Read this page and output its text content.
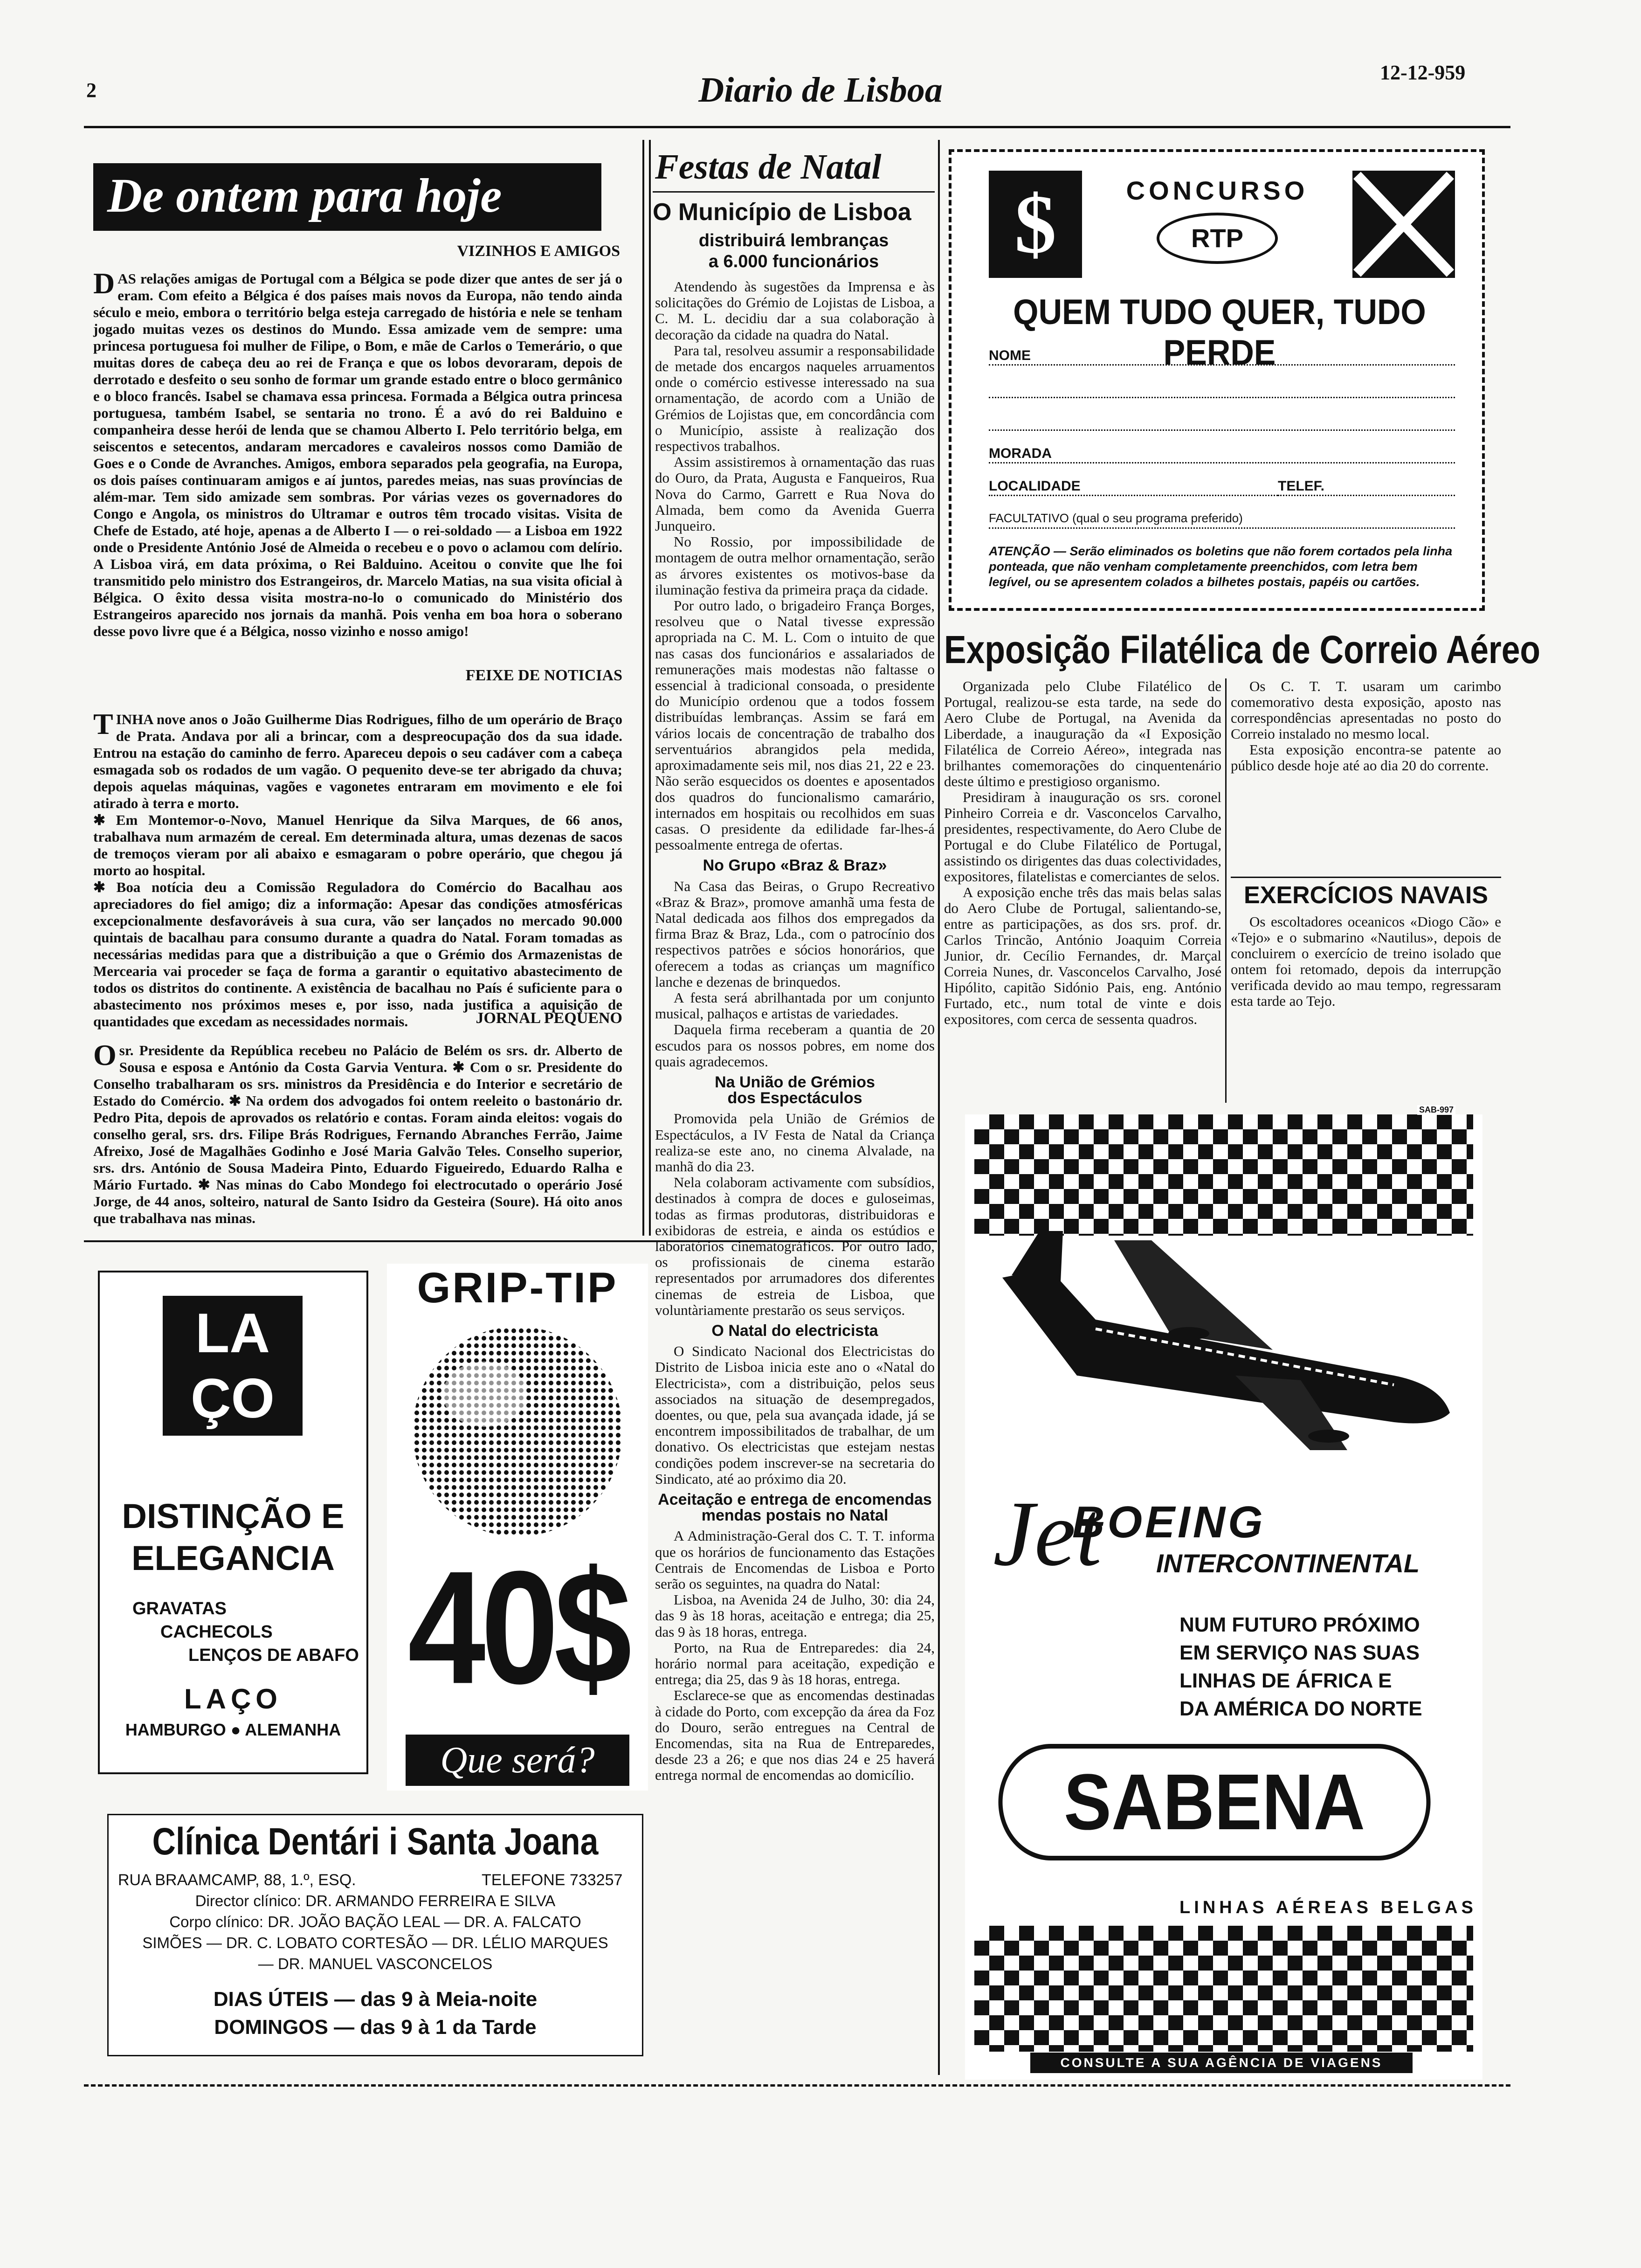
2	Diario de Lisboa	12-12-959
De ontem para hoje
VIZINHOS E AMIGOS
DAS relações amigas de Portugal com a Bélgica se pode dizer que antes de ser já o eram. Com efeito a Bélgica é dos países mais novos da Europa, não tendo ainda século e meio, embora o território belga esteja carregado de história e nele se tenham jogado muitas vezes os destinos do Mundo. Essa amizade vem de sempre: uma princesa portuguesa foi mulher de Filipe, o Bom, e mãe de Carlos o Temerário, o que muitas dores de cabeça deu ao rei de França e que os lobos devoraram, depois de derrotado e desfeito o seu sonho de formar um grande estado entre o bloco germânico e o bloco francês. Isabel se chamava essa princesa. Formada a Bélgica outra princesa portuguesa, também Isabel, se sentaria no trono. É a avó do rei Balduino e companheira desse herói de lenda que se chamou Alberto I. Pelo território belga, em seiscentos e setecentos, andaram mercadores e cavaleiros nossos como Damião de Goes e o Conde de Avranches. Amigos, embora separados pela geografia, na Europa, os dois países continuaram amigos e aí juntos, paredes meias, nas suas províncias de além-mar. Tem sido amizade sem sombras. Por várias vezes os governadores do Congo e Angola, os ministros do Ultramar e outros têm trocado visitas. Visita de Chefe de Estado, até hoje, apenas a de Alberto I — o rei-soldado — a Lisboa em 1922 onde o Presidente António José de Almeida o recebeu e o povo o aclamou com delírio. A Lisboa virá, em data próxima, o Rei Balduino. Aceitou o convite que lhe foi transmitido pelo ministro dos Estrangeiros, dr. Marcelo Matias, na sua visita oficial à Bélgica. O êxito dessa visita mostra-no-lo o comunicado do Ministério dos Estrangeiros aparecido nos jornais da manhã. Pois venha em boa hora o soberano desse povo livre que é a Bélgica, nosso vizinho e nosso amigo!
FEIXE DE NOTICIAS

TINHA nove anos o João Guilherme Dias Rodrigues, filho de um operário de Braço de Prata. Andava por ali a brincar, com a despreocupação dos da sua idade. Entrou na estação do caminho de ferro. Apareceu depois o seu cadáver com a cabeça esmagada sob os rodados de um vagão. O pequenito deve-se ter abrigado da chuva; depois aquelas máquinas, vagões e vagonetes entraram em movimento e ele foi atirado à terra e morto.

✱ Em Montemor-o-Novo, Manuel Henrique da Silva Marques, de 66 anos, trabalhava num armazém de cereal. Em determinada altura, umas dezenas de sacos de tremoços vieram por ali abaixo e esmagaram o pobre operário, que chegou já morto ao hospital.

✱ Boa notícia deu a Comissão Reguladora do Comércio do Bacalhau aos apreciadores do fiel amigo; diz a informação: Apesar das condições atmosféricas excepcionalmente desfavoráveis à sua cura, vão ser lançados no mercado 90.000 quintais de bacalhau para consumo durante a quadra do Natal. Foram tomadas as necessárias medidas para que a distribuição a que o Grémio dos Armazenistas de Mercearia vai proceder se faça de forma a garantir o equitativo abastecimento de todos os distritos do continente. A existência de bacalhau no País é suficiente para o abastecimento nos próximos meses e, por isso, nada justifica a aquisição de quantidades que excedam as necessidades normais.	JORNAL PEQUENO
Osr. Presidente da República recebeu no Palácio de Belém os srs. dr. Alberto de Sousa e esposa e António da Costa Garvia Ventura. ✱ Com o sr. Presidente do Conselho trabalharam os srs. ministros da Presidência e do Interior e secretário de Estado do Comércio. ✱ Na ordem dos advogados foi ontem reeleito o bastonário dr. Pedro Pita, depois de aprovados os relatório e contas. Foram ainda eleitos: vogais do conselho geral, srs. drs. Filipe Brás Rodrigues, Fernando Abranches Ferrão, Jaime Afreixo, José de Magalhães Godinho e José Maria Galvão Teles. Conselho superior, srs. drs. António de Sousa Madeira Pinto, Eduardo Figueiredo, Eduardo Ralha e Mário Furtado. ✱ Nas minas do Cabo Mondego foi electrocutado o operário José Jorge, de 44 anos, solteiro, natural de Santo Isidro da Gesteira (Soure). Há oito anos que trabalhava nas minas.
LA
ÇO
DISTINÇÃO E
ELEGANCIA
GRAVATAS
CACHECOLS
LENÇOS DE ABAFO
LAÇO
HAMBURGO ● ALEMANHA
GRIP-TIP
40$
Que será?
Clínica Dentári i Santa Joana
RUA BRAAMCAMP, 88, 1.º, ESQ.	TELEFONE 733257
Director clínico: DR. ARMANDO FERREIRA E SILVA
Corpo clínico: DR. JOÃO BAÇÃO LEAL — DR. A. FALCATO
SIMÕES — DR. C. LOBATO CORTESÃO — DR. LÉLIO MARQUES
— DR. MANUEL VASCONCELOS
DIAS ÚTEIS — das 9 à Meia-noite
DOMINGOS — das 9 à 1 da Tarde
Festas de Natal
O Município de Lisboa
distribuirá lembranças
a 6.000 funcionários

Atendendo às sugestões da Imprensa e às solicitações do Grémio de Lojistas de Lisboa, a C. M. L. decidiu dar a sua colaboração à decoração da cidade na quadra do Natal.

Para tal, resolveu assumir a responsabilidade de metade dos encargos naqueles arruamentos onde o comércio estivesse interessado na sua ornamentação, de acordo com a União de Grémios de Lojistas que, em concordância com o Município, assiste à realização dos respectivos trabalhos.

Assim assistiremos à ornamentação das ruas do Ouro, da Prata, Augusta e Fanqueiros, Rua Nova do Carmo, Garrett e Rua Nova do Almada, bem como da Avenida Guerra Junqueiro.

No Rossio, por impossibilidade de montagem de outra melhor ornamentação, serão as árvores existentes os motivos-base da iluminação festiva da primeira praça da cidade.

Por outro lado, o brigadeiro França Borges, resolveu que o Natal tivesse expressão apropriada na C. M. L. Com o intuito de que nas casas dos funcionários e assalariados de remunerações mais modestas não faltasse o essencial à tradicional consoada, o presidente do Município ordenou que a todos fossem distribuídas lembranças. Assim se fará em vários locais de concentração de trabalho dos serventuários abrangidos pela medida, aproximadamente seis mil, nos dias 21, 22 e 23. Não serão esquecidos os doentes e aposentados dos quadros do funcionalismo camarário, internados em hospitais ou recolhidos em suas casas. O presidente da edilidade far-lhes-á pessoalmente entrega de ofertas.

No Grupo «Braz & Braz»

Na Casa das Beiras, o Grupo Recreativo «Braz & Braz», promove amanhã uma festa de Natal dedicada aos filhos dos empregados da firma Braz & Braz, Lda., com o patrocínio dos respectivos patrões e sócios honorários, que oferecem a todas as crianças um magnífico lanche e dezenas de brinquedos.

A festa será abrilhantada por um conjunto musical, palhaços e artistas de variedades.

Daquela firma receberam a quantia de 20 escudos para os nossos pobres, em nome dos quais agradecemos.

Na União de Grémios

dos Espectáculos

Promovida pela União de Grémios de Espectáculos, a IV Festa de Natal da Criança realiza-se este ano, no cinema Alvalade, na manhã do dia 23.

Nela colaboram activamente com subsídios, destinados à compra de doces e guloseimas, todas as firmas produtoras, distribuidoras e exibidoras de estreia, e ainda os estúdios e laboratórios cinematográficos. Por outro lado, os profissionais de cinema estarão representados por arrumadores dos diferentes cinemas de estreia de Lisboa, que voluntàriamente prestarão os seus serviços.

O Natal do electricista

O Sindicato Nacional dos Electricistas do Distrito de Lisboa inicia este ano o «Natal do Electricista», com a distribuição, pelos seus associados na situação de desempregados, doentes, ou que, pela sua avançada idade, já se encontrem impossibilitados de trabalhar, de um donativo. Os electricistas que estejam nestas condições podem inscrever-se na secretaria do Sindicato, até ao próximo dia 20.

Aceitação e entrega de encomendas

mendas postais no Natal

A Administração-Geral dos C. T. T. informa que os horários de funcionamento das Estações Centrais de Encomendas de Lisboa e Porto serão os seguintes, na quadra do Natal:

Lisboa, na Avenida 24 de Julho, 30: dia 24, das 9 às 18 horas, aceitação e entrega; dia 25, das 9 às 18 horas, entrega.

Porto, na Rua de Entreparedes: dia 24, horário normal para aceitação, expedição e entrega; dia 25, das 9 às 18 horas, entrega.

Esclarece-se que as encomendas destinadas à cidade do Porto, com excepção da área da Foz do Douro, serão entregues na Central de Encomendas, sita na Rua de Entreparedes, desde 23 a 26; e que nos dias 24 e 25 haverá entrega normal de encomendas ao domicílio.

$	CONCURSO
RTP
QUEM TUDO QUER, TUDO PERDE
NOME
MORADA
LOCALIDADE	TELEF.
FACULTATIVO (qual o seu programa preferido)
ATENÇÃO — Serão eliminados os boletins que não forem cortados pela linha ponteada, que não venham completamente preenchidos, com letra bem legível, ou se apresentem colados a bilhetes postais, papéis ou cartões.
Exposição Filatélica de Correio Aéreo

Organizada pelo Clube Filatélico de Portugal, realizou-se esta tarde, na sede do Aero Clube de Portugal, na Avenida da Liberdade, a inauguração da «I Exposição Filatélica de Correio Aéreo», integrada nas brilhantes comemorações do cinquentenário deste último e prestigioso organismo.

Presidiram à inauguração os srs. coronel Pinheiro Correia e dr. Vasconcelos Carvalho, presidentes, respectivamente, do Aero Clube de Portugal e do Clube Filatélico de Portugal, assistindo os dirigentes das duas colectividades, expositores, filatelistas e comerciantes de selos.

A exposição enche três das mais belas salas do Aero Clube de Portugal, salientando-se, entre as participações, as dos srs. prof. dr. Carlos Trincão, António Joaquim Correia Junior, dr. Cecílio Fernandes, dr. Marçal Correia Nunes, dr. Vasconcelos Carvalho, José Hipólito, capitão Sidónio Pais, eng. António Furtado, etc., num total de vinte e dois expositores, com cerca de sessenta quadros.

Os C. T. T. usaram um carimbo comemorativo desta exposição, aposto nas correspondências apresentadas no posto do Correio instalado no mesmo local.

Esta exposição encontra-se patente ao público desde hoje até ao dia 20 do corrente.

EXERCÍCIOS NAVAIS
Os escoltadores oceanicos «Diogo Cão» e «Tejo» e o submarino «Nautilus», depois de concluirem o exercício de treino isolado que ontem foi retomado, depois da interrupção verificada devido ao mau tempo, regressaram esta tarde ao Tejo.
SAB-997
Jet
BOEING
INTERCONTINENTAL
NUM FUTURO PRÓXIMO
EM SERVIÇO NAS SUAS
LINHAS DE ÁFRICA E
DA AMÉRICA DO NORTE
SABENA
LINHAS AÉREAS BELGAS
CONSULTE A SUA AGÊNCIA DE VIAGENS
